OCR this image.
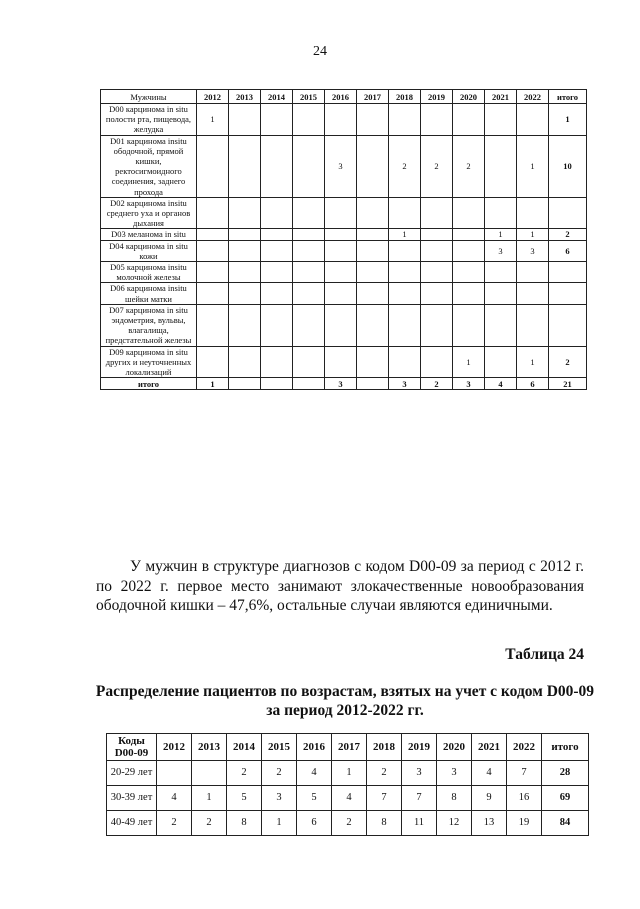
24
Мужчины	2012	2013	2014	2015	2016	2017	2018	2019	2020	2021	2022	итого
D00 карцинома in situ полости рта, пищевода, желудка	1											1
D01 карцинома insitu ободочной, прямой кишки, ректосигмоидного соединения, заднего прохода					3		2	2	2		1	10
D02 карцинома insitu среднего уха и органов дыхания												
D03 меланома in situ							1			1	1	2
D04 карцинома in situ кожи										3	3	6
D05 карцинома insitu молочной железы												
D06 карцинома insitu шейки матки												
D07 карцинома in situ эндометрия, вульвы, влагалища, предстательной железы												
D09 карцинома in situ других и неуточненных локализаций									1		1	2
итого	1				3		3	2	3	4	6	21

У мужчин в структуре диагнозов с кодом D00-09 за период с 2012 г. по 2022 г. первое место занимают злокачественные новообразования ободочной кишки – 47,6%, остальные случаи являются единичными.

Таблица 24
Распределение пациентов по возрастам, взятых на учет с кодом D00-09 за период 2012-2022 гг.
Коды D00-09	2012	2013	2014	2015	2016	2017	2018	2019	2020	2021	2022	итого
20-29 лет			2	2	4	1	2	3	3	4	7	28
30-39 лет	4	1	5	3	5	4	7	7	8	9	16	69
40-49 лет	2	2	8	1	6	2	8	11	12	13	19	84
